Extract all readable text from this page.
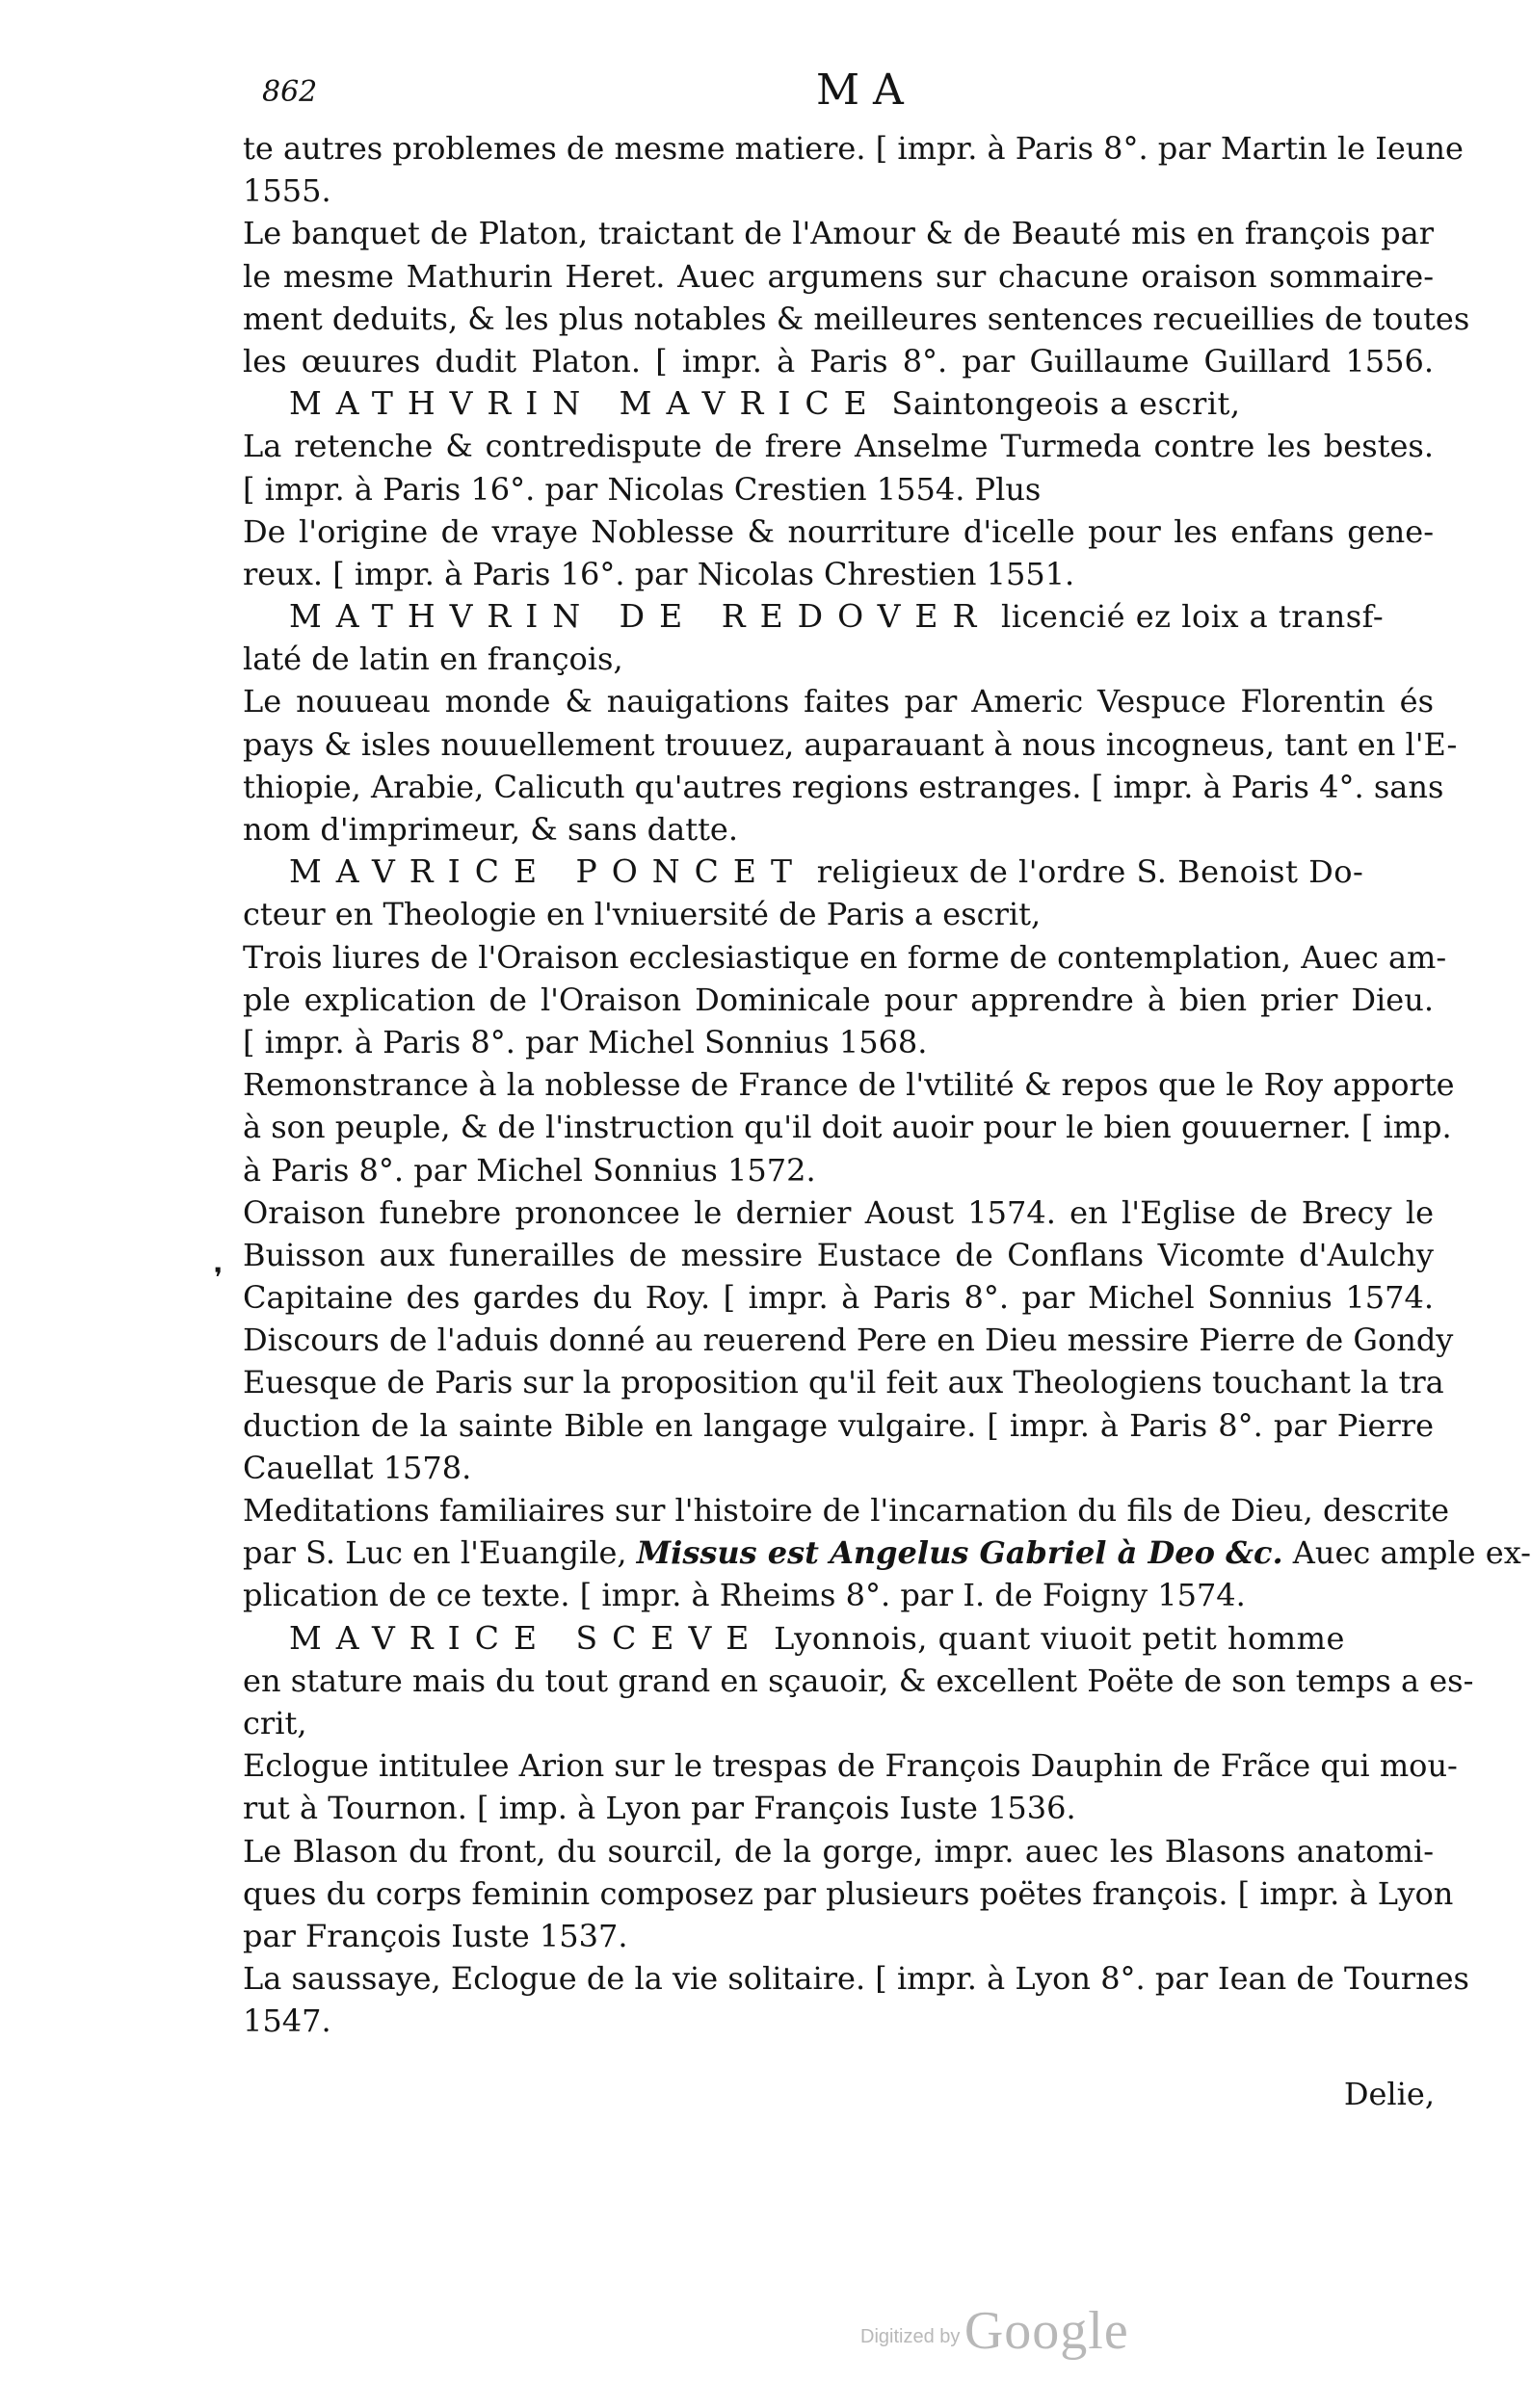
862	MA
❜
te autres problemes de mesme matiere. [ impr. à Paris 8°. par Martin le Ieune
1555.
Le banquet de Platon, traictant de l'Amour & de Beauté mis en françois par
le mesme Mathurin Heret. Auec argumens sur chacune oraison sommaire-
ment deduits, & les plus notables & meilleures sentences recueillies de toutes
les œuures dudit Platon. [ impr. à Paris 8°. par Guillaume Guillard 1556.
MATHVRIN MAVRICE Saintongeois a escrit,
La retenche & contredispute de frere Anselme Turmeda contre les bestes.
[ impr. à Paris 16°. par Nicolas Crestien 1554. Plus
De l'origine de vraye Noblesse & nourriture d'icelle pour les enfans gene-
reux. [ impr. à Paris 16°. par Nicolas Chrestien 1551.
MATHVRIN DE REDOVER licencié ez loix a transf-
laté de latin en françois,
Le nouueau monde & nauigations faites par Americ Vespuce Florentin és
pays & isles nouuellement trouuez, auparauant à nous incogneus, tant en l'E-
thiopie, Arabie, Calicuth qu'autres regions estranges. [ impr. à Paris 4°. sans
nom d'imprimeur, & sans datte.
MAVRICE PONCET religieux de l'ordre S. Benoist Do-
cteur en Theologie en l'vniuersité de Paris a escrit,
Trois liures de l'Oraison ecclesiastique en forme de contemplation, Auec am-
ple explication de l'Oraison Dominicale pour apprendre à bien prier Dieu.
[ impr. à Paris 8°. par Michel Sonnius 1568.
Remonstrance à la noblesse de France de l'vtilité & repos que le Roy apporte
à son peuple, & de l'instruction qu'il doit auoir pour le bien gouuerner. [ imp.
à Paris 8°. par Michel Sonnius 1572.
Oraison funebre prononcee le dernier Aoust 1574. en l'Eglise de Brecy le
Buisson aux funerailles de messire Eustace de Conflans Vicomte d'Aulchy
Capitaine des gardes du Roy. [ impr. à Paris 8°. par Michel Sonnius 1574.
Discours de l'aduis donné au reuerend Pere en Dieu messire Pierre de Gondy
Euesque de Paris sur la proposition qu'il feit aux Theologiens touchant la tra
duction de la sainte Bible en langage vulgaire. [ impr. à Paris 8°. par Pierre
Cauellat 1578.
Meditations familiaires sur l'histoire de l'incarnation du fils de Dieu, descrite
par S. Luc en l'Euangile, Missus est Angelus Gabriel à Deo &c. Auec ample ex-
plication de ce texte. [ impr. à Rheims 8°. par I. de Foigny 1574.
MAVRICE SCEVE Lyonnois, quant viuoit petit homme
en stature mais du tout grand en sçauoir, & excellent Poëte de son temps a es-
crit,
Eclogue intitulee Arion sur le trespas de François Dauphin de Frãce qui mou-
rut à Tournon. [ imp. à Lyon par François Iuste 1536.
Le Blason du front, du sourcil, de la gorge, impr. auec les Blasons anatomi-
ques du corps feminin composez par plusieurs poëtes françois. [ impr. à Lyon
par François Iuste 1537.
La saussaye, Eclogue de la vie solitaire. [ impr. à Lyon 8°. par Iean de Tournes
1547.
Delie,
Digitized by Google
